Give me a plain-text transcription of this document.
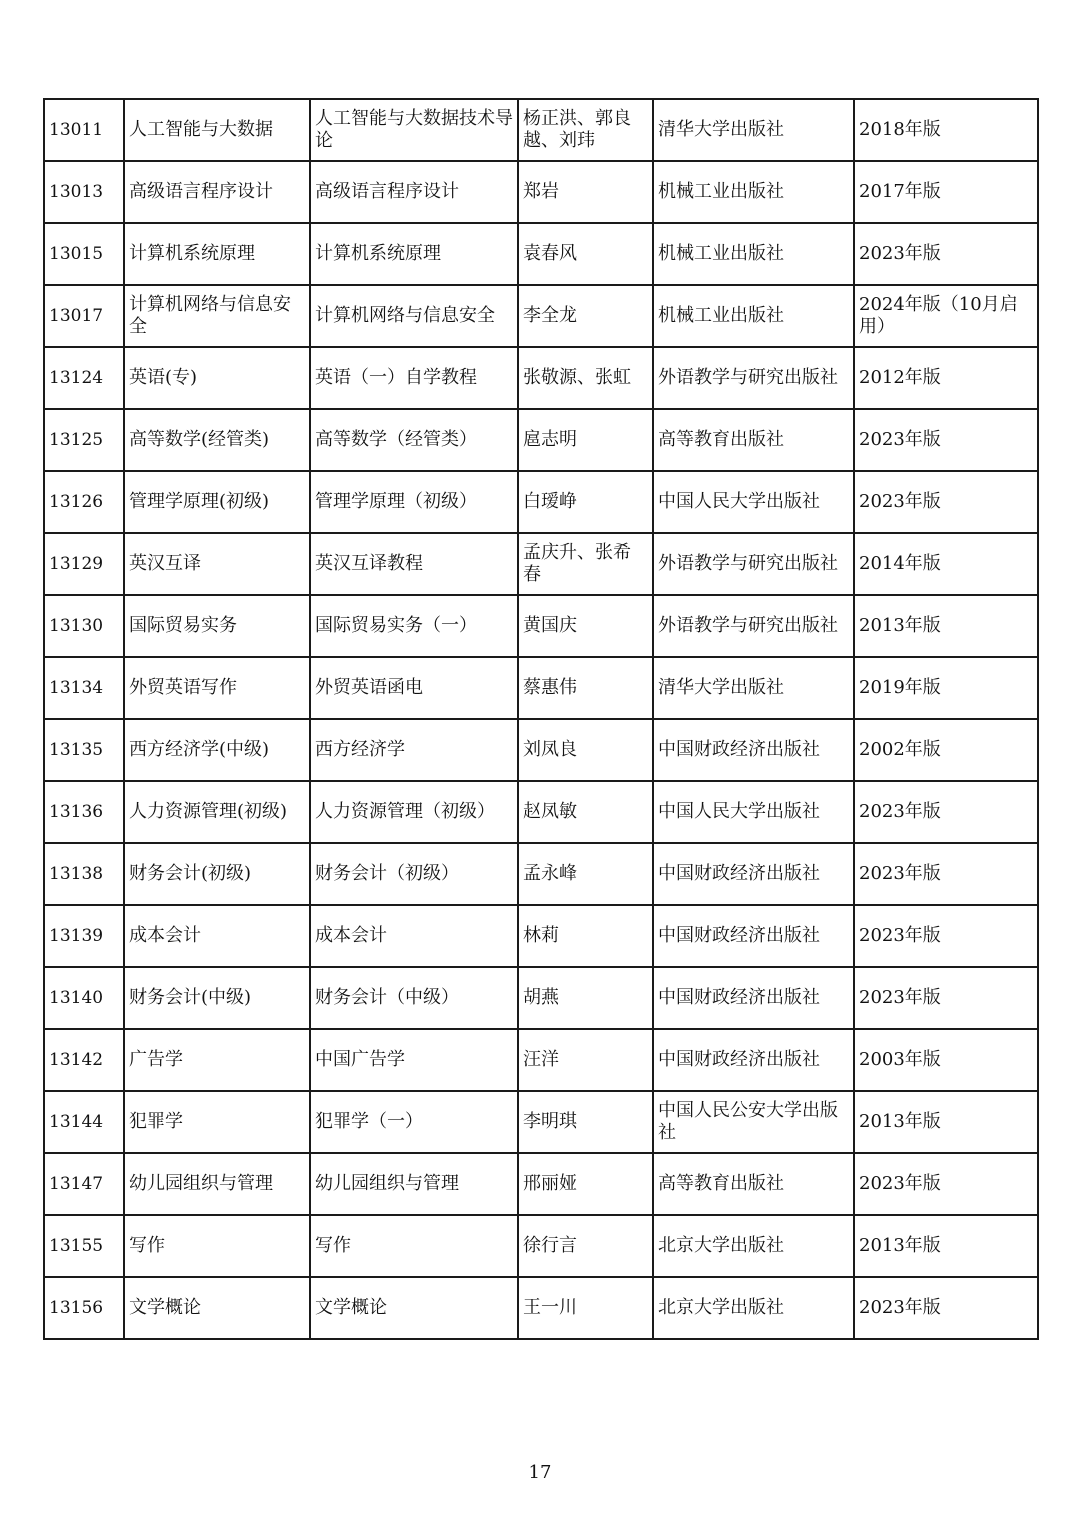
13011	人工智能与大数据	人工智能与大数据技术导论	杨正洪、郭良越、刘玮	清华大学出版社	2018年版
13013	高级语言程序设计	高级语言程序设计	郑岩	机械工业出版社	2017年版
13015	计算机系统原理	计算机系统原理	袁春风	机械工业出版社	2023年版
13017	计算机网络与信息安全	计算机网络与信息安全	李全龙	机械工业出版社	2024年版（10月启用）
13124	英语(专)	英语（一）自学教程	张敬源、张虹	外语教学与研究出版社	2012年版
13125	高等数学(经管类)	高等数学（经管类）	扈志明	高等教育出版社	2023年版
13126	管理学原理(初级)	管理学原理（初级）	白瑷峥	中国人民大学出版社	2023年版
13129	英汉互译	英汉互译教程	孟庆升、张希春	外语教学与研究出版社	2014年版
13130	国际贸易实务	国际贸易实务（一）	黄国庆	外语教学与研究出版社	2013年版
13134	外贸英语写作	外贸英语函电	蔡惠伟	清华大学出版社	2019年版
13135	西方经济学(中级)	西方经济学	刘凤良	中国财政经济出版社	2002年版
13136	人力资源管理(初级)	人力资源管理（初级）	赵凤敏	中国人民大学出版社	2023年版
13138	财务会计(初级)	财务会计（初级）	孟永峰	中国财政经济出版社	2023年版
13139	成本会计	成本会计	林莉	中国财政经济出版社	2023年版
13140	财务会计(中级)	财务会计（中级）	胡燕	中国财政经济出版社	2023年版
13142	广告学	中国广告学	汪洋	中国财政经济出版社	2003年版
13144	犯罪学	犯罪学（一）	李明琪	中国人民公安大学出版社	2013年版
13147	幼儿园组织与管理	幼儿园组织与管理	邢丽娅	高等教育出版社	2023年版
13155	写作	写作	徐行言	北京大学出版社	2013年版
13156	文学概论	文学概论	王一川	北京大学出版社	2023年版
17
